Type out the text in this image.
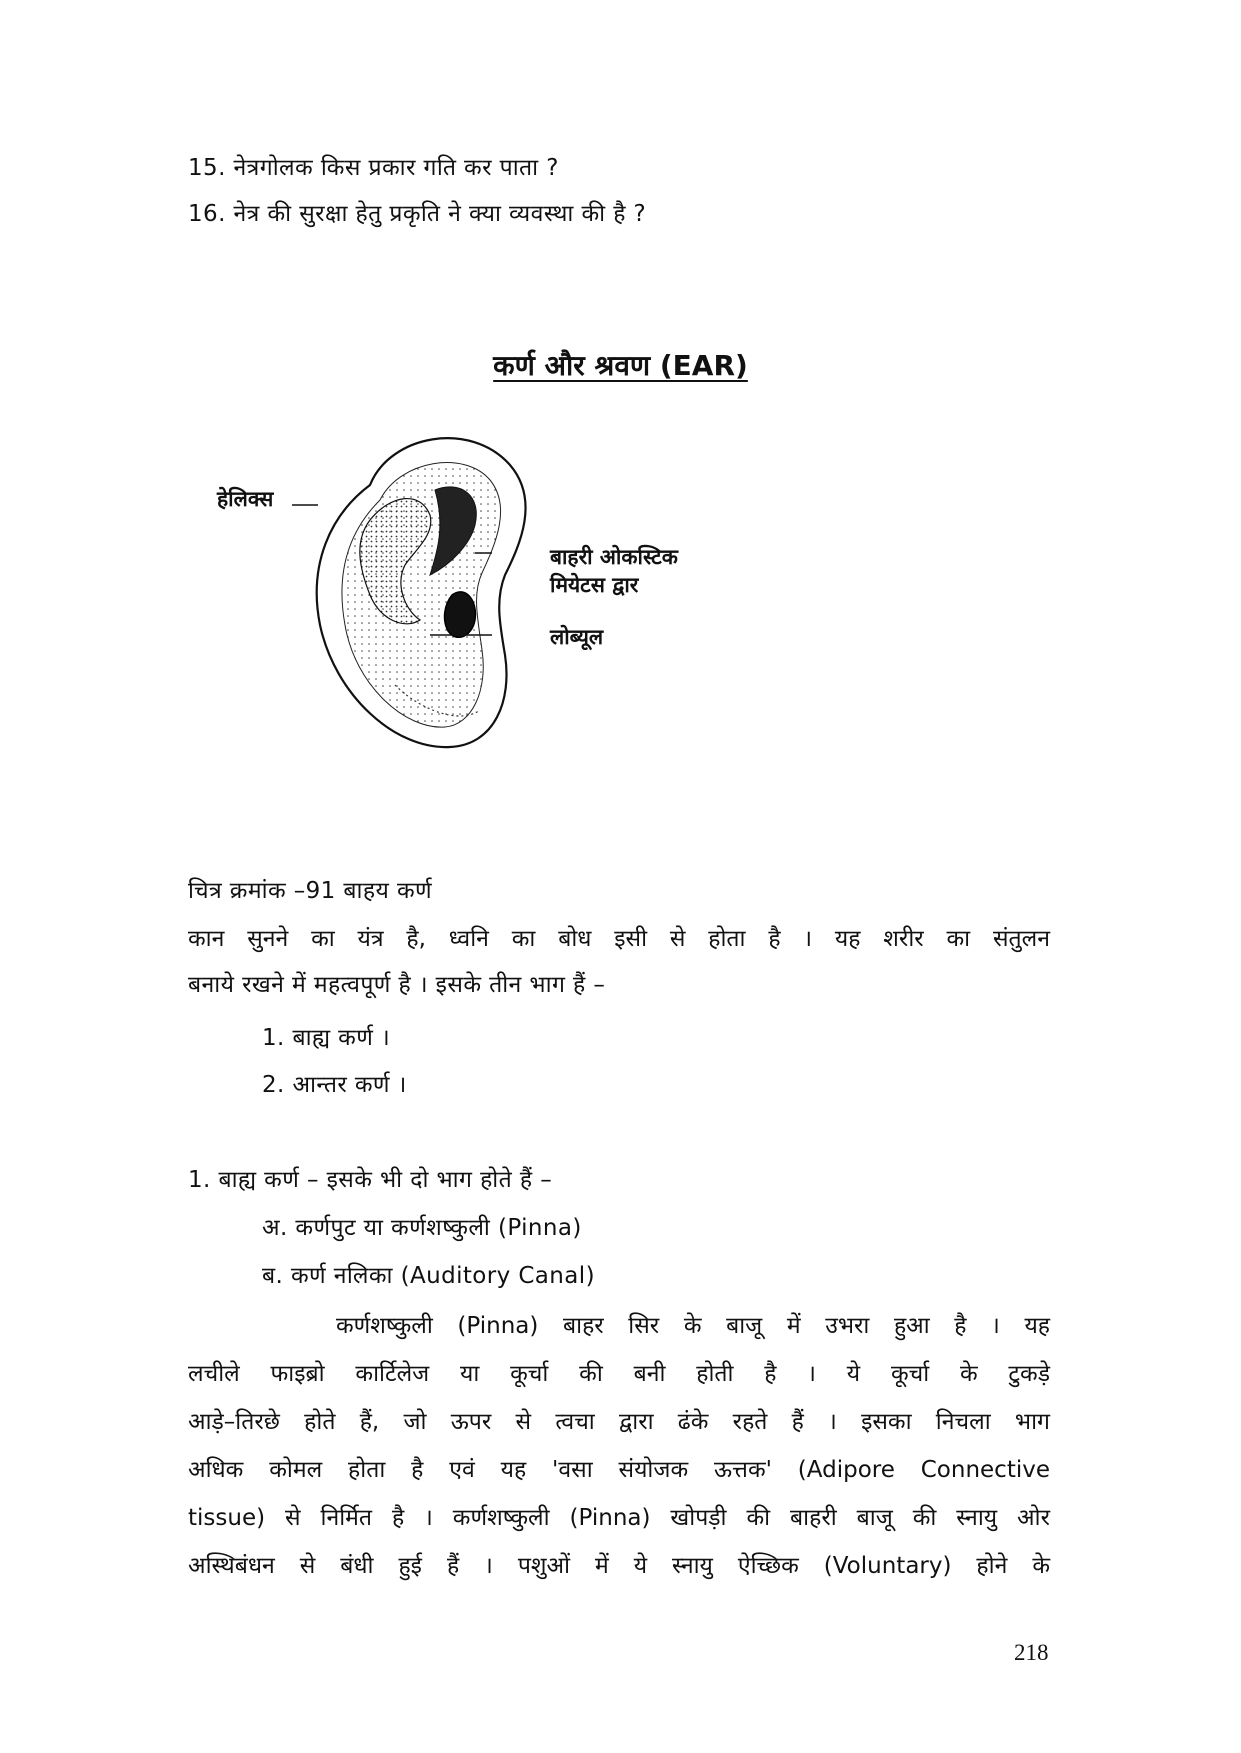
15. नेत्रगोलक किस प्रकार गति कर पाता ?
16. नेत्र की सुरक्षा हेतु प्रकृति ने क्या व्यवस्था की है ?
कर्ण और श्रवण (EAR)
हेलिक्स
बाहरी ओकस्टिक
मियेटस द्वार
लोब्यूल
चित्र क्रमांक –91 बाहय कर्ण
कान सुनने का यंत्र है, ध्वनि का बोध इसी से होता है । यह शरीर का संतुलन
बनाये रखने में महत्वपूर्ण है । इसके तीन भाग हैं –
1. बाह्य कर्ण ।
2. आन्तर कर्ण ।
1. बाह्य कर्ण – इसके भी दो भाग होते हैं –
अ. कर्णपुट या कर्णशष्कुली (Pinna)
ब. कर्ण नलिका (Auditory Canal)
कर्णशष्कुली (Pinna) बाहर सिर के बाजू में उभरा हुआ है । यह
लचीले फाइब्रो कार्टिलेज या कूर्चा की बनी होती है । ये कूर्चा के टुकड़े
आड़े–तिरछे होते हैं, जो ऊपर से त्वचा द्वारा ढंके रहते हैं । इसका निचला भाग
अधिक कोमल होता है एवं यह 'वसा संयोजक ऊत्तक' (Adipore Connective
tissue) से निर्मित है । कर्णशष्कुली (Pinna) खोपड़ी की बाहरी बाजू की स्नायु ओर
अस्थिबंधन से बंधी हुई हैं । पशुओं में ये स्नायु ऐच्छिक (Voluntary) होने के
218
